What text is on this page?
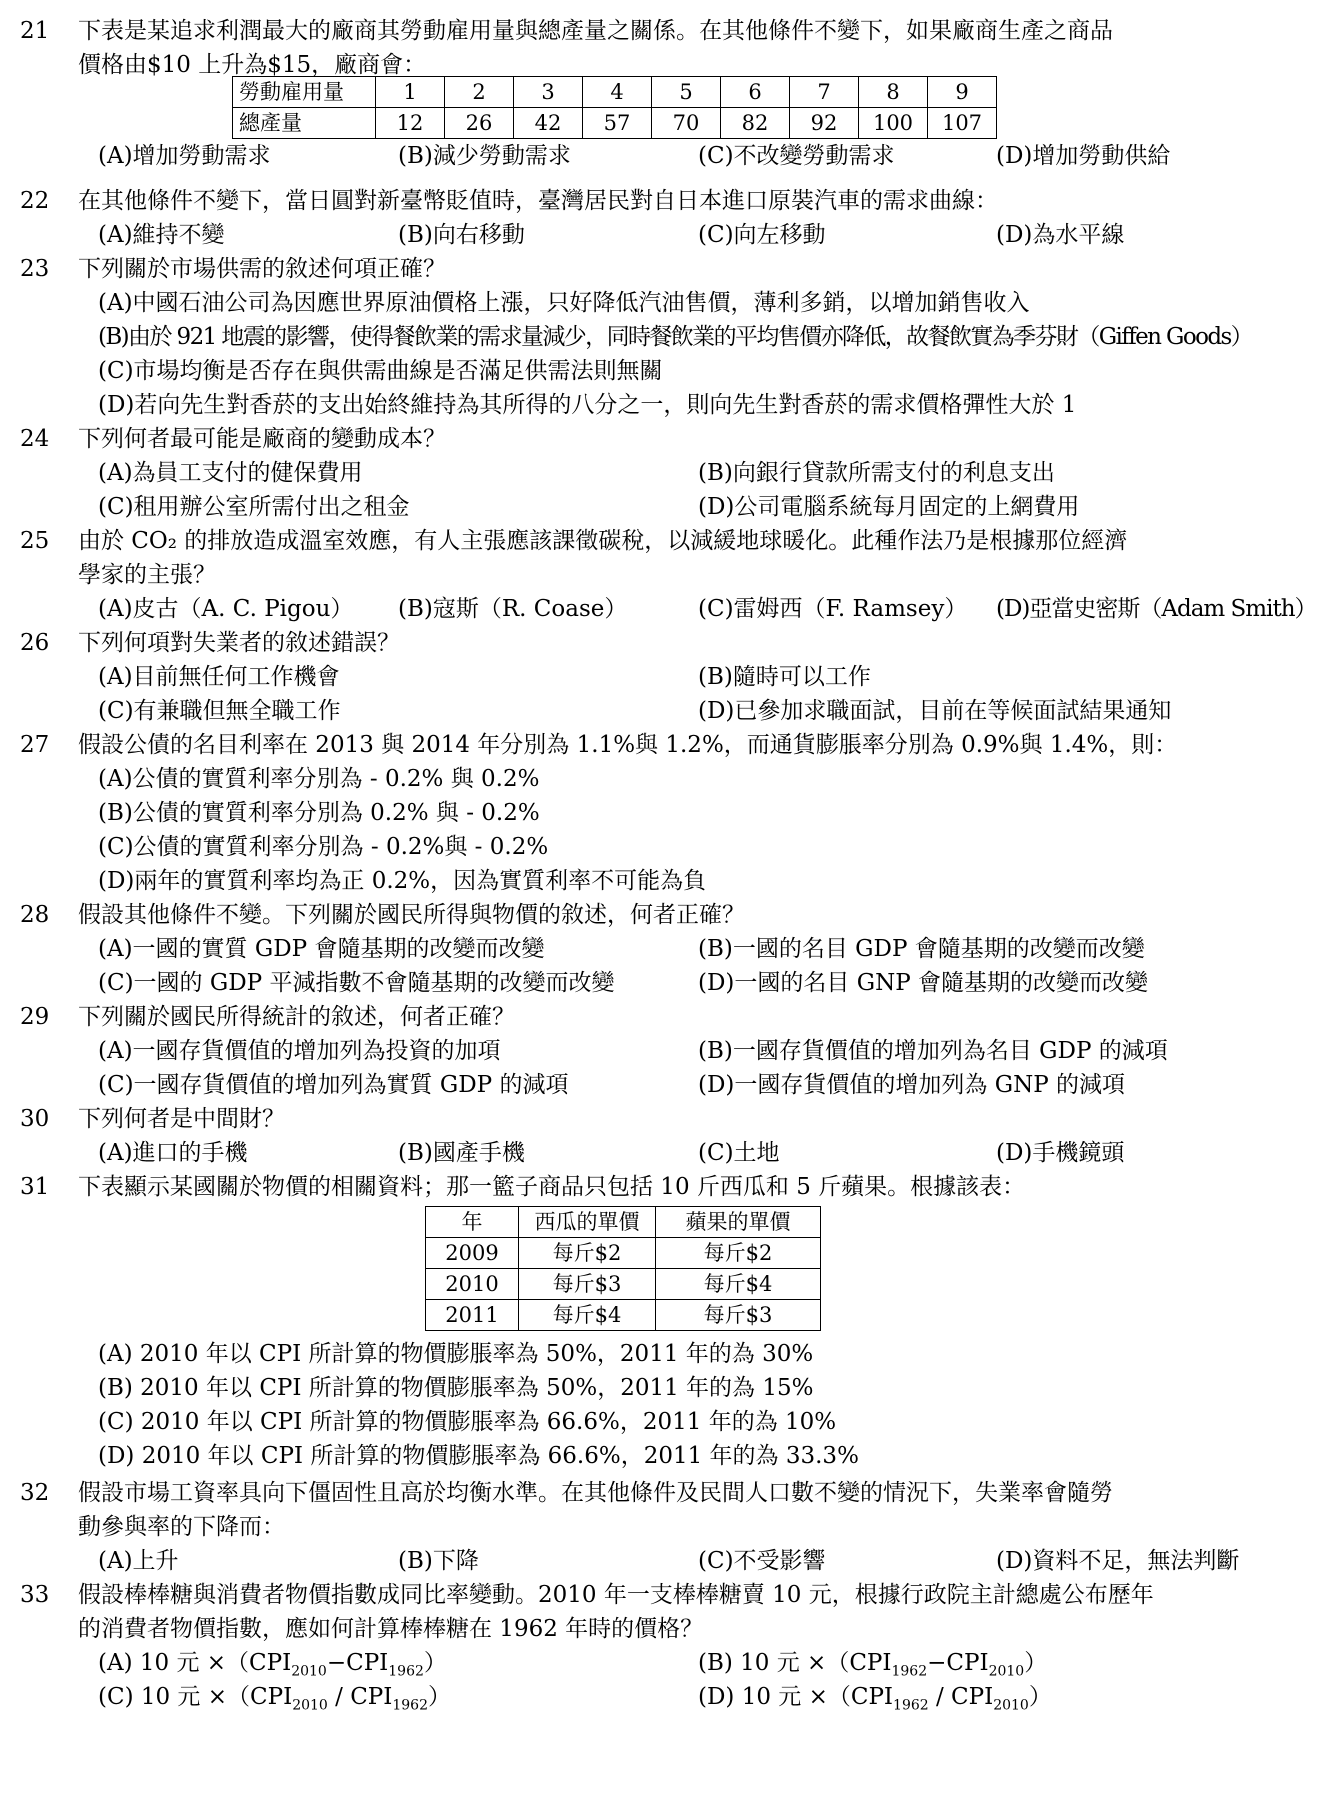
21	下表是某追求利潤最大的廠商其勞動雇用量與總產量之關係。在其他條件不變下，如果廠商生產之商品
價格由$10 上升為$15，廠商會：
勞動雇用量	1	2	3	4	5	6	7	8	9
總產量	12	26	42	57	70	82	92	100	107
(A)增加勞動需求	(B)減少勞動需求	(C)不改變勞動需求	(D)增加勞動供給
22	在其他條件不變下，當日圓對新臺幣貶值時，臺灣居民對自日本進口原裝汽車的需求曲線：
(A)維持不變	(B)向右移動	(C)向左移動	(D)為水平線
23	下列關於市場供需的敘述何項正確？
(A)中國石油公司為因應世界原油價格上漲，只好降低汽油售價，薄利多銷，以增加銷售收入
(B)由於 921 地震的影響，使得餐飲業的需求量減少，同時餐飲業的平均售價亦降低，故餐飲實為季芬財（Giffen Goods）
(C)市場均衡是否存在與供需曲線是否滿足供需法則無關
(D)若向先生對香菸的支出始終維持為其所得的八分之一，則向先生對香菸的需求價格彈性大於 1
24	下列何者最可能是廠商的變動成本？
(A)為員工支付的健保費用	(B)向銀行貸款所需支付的利息支出
(C)租用辦公室所需付出之租金	(D)公司電腦系統每月固定的上網費用
25	由於 CO₂ 的排放造成溫室效應，有人主張應該課徵碳稅，以減緩地球暖化。此種作法乃是根據那位經濟
學家的主張？
(A)皮古（A. C. Pigou） (B)寇斯（R. Coase）	(C)雷姆西（F. Ramsey） (D)亞當史密斯（Adam Smith）
26	下列何項對失業者的敘述錯誤？
(A)目前無任何工作機會	(B)隨時可以工作
(C)有兼職但無全職工作	(D)已參加求職面試，目前在等候面試結果通知
27	假設公債的名目利率在 2013 與 2014 年分別為 1.1%與 1.2%，而通貨膨脹率分別為 0.9%與 1.4%，則：
(A)公債的實質利率分別為 - 0.2% 與 0.2%
(B)公債的實質利率分別為 0.2% 與 - 0.2%
(C)公債的實質利率分別為 - 0.2%與 - 0.2%
(D)兩年的實質利率均為正 0.2%，因為實質利率不可能為負
28	假設其他條件不變。下列關於國民所得與物價的敘述，何者正確？
(A)一國的實質 GDP 會隨基期的改變而改變	(B)一國的名目 GDP 會隨基期的改變而改變
(C)一國的 GDP 平減指數不會隨基期的改變而改變	(D)一國的名目 GNP 會隨基期的改變而改變
29	下列關於國民所得統計的敘述，何者正確？
(A)一國存貨價值的增加列為投資的加項	(B)一國存貨價值的增加列為名目 GDP 的減項
(C)一國存貨價值的增加列為實質 GDP 的減項	(D)一國存貨價值的增加列為 GNP 的減項
30	下列何者是中間財？
(A)進口的手機	(B)國產手機	(C)土地	(D)手機鏡頭
31	下表顯示某國關於物價的相關資料；那一籃子商品只包括 10 斤西瓜和 5 斤蘋果。根據該表：
年	西瓜的單價	蘋果的單價
2009	每斤$2	每斤$2
2010	每斤$3	每斤$4
2011	每斤$4	每斤$3
(A) 2010 年以 CPI 所計算的物價膨脹率為 50%，2011 年的為 30%
(B) 2010 年以 CPI 所計算的物價膨脹率為 50%，2011 年的為 15%
(C) 2010 年以 CPI 所計算的物價膨脹率為 66.6%，2011 年的為 10%
(D) 2010 年以 CPI 所計算的物價膨脹率為 66.6%，2011 年的為 33.3%
32	假設市場工資率具向下僵固性且高於均衡水準。在其他條件及民間人口數不變的情況下，失業率會隨勞
動參與率的下降而：
(A)上升	(B)下降	(C)不受影響	(D)資料不足，無法判斷
33	假設棒棒糖與消費者物價指數成同比率變動。2010 年一支棒棒糖賣 10 元，根據行政院主計總處公布歷年
的消費者物價指數，應如何計算棒棒糖在 1962 年時的價格？
(A) 10 元 $\times(CPI_{2010}-CPI_{1962})$	(B) 10 元 $\times(CPI_{1962}-CPI_{2010})$
(C) 10 元 $\times(CPI_{2010} / CPI_{1962})$	(D) 10 元 $\times(CPI_{1962} / CPI_{2010})$
